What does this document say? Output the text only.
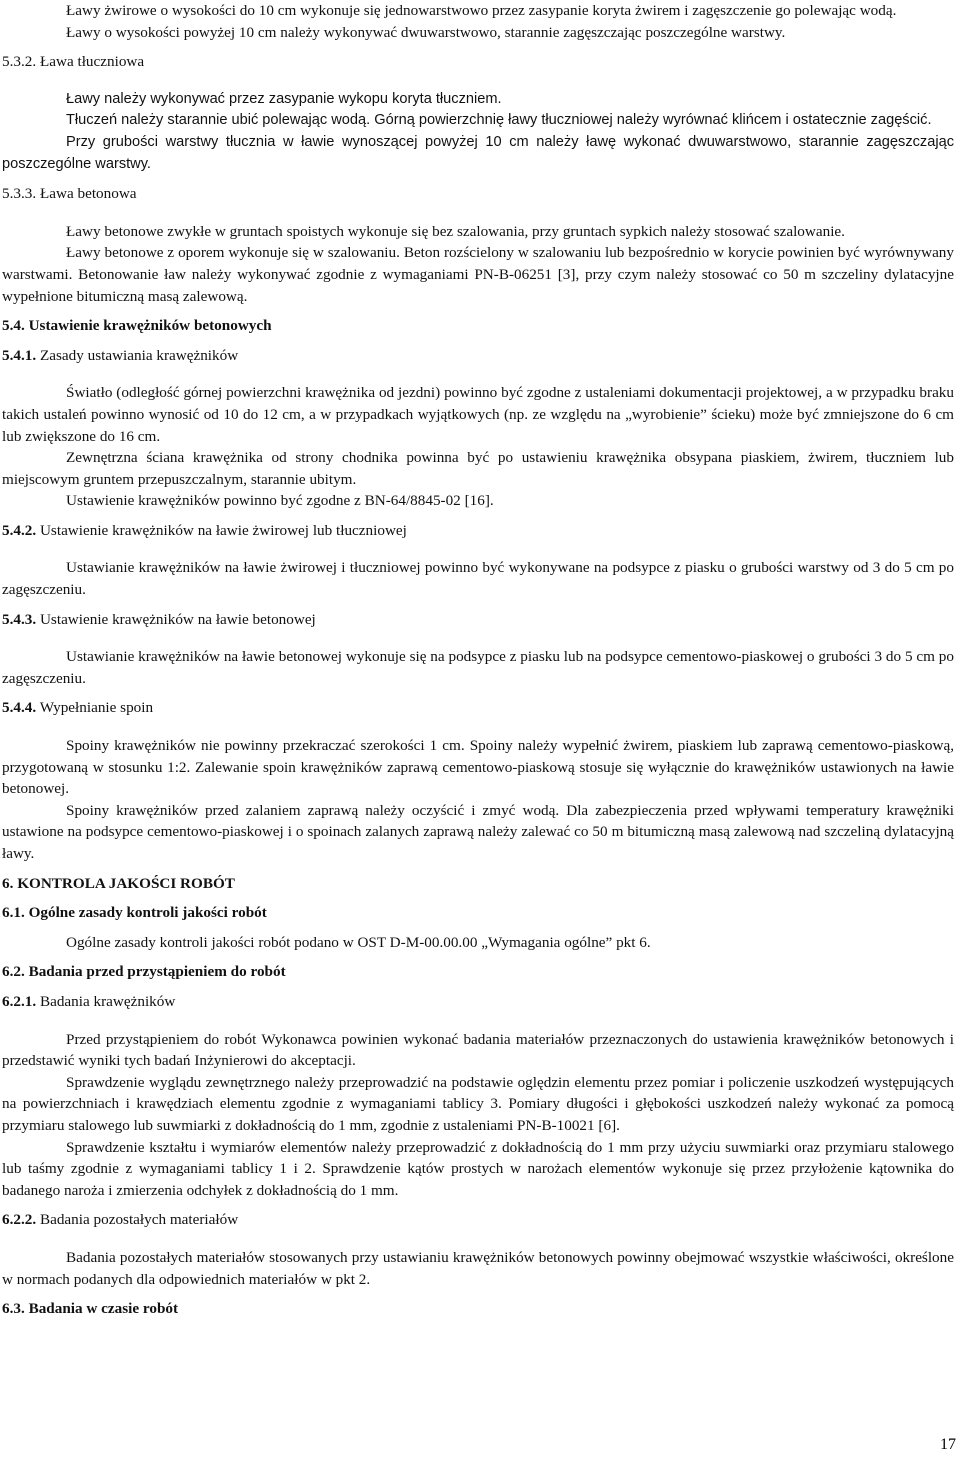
Ławy żwirowe o wysokości do 10 cm wykonuje się jednowarstwowo przez zasypanie koryta żwirem i zagęszczenie go polewając wodą.

Ławy o wysokości powyżej 10 cm należy wykonywać dwuwarstwowo, starannie zagęszczając poszczególne warstwy.

5.3.2. Ława tłuczniowa

Ławy należy wykonywać przez zasypanie wykopu koryta tłuczniem.

Tłuczeń należy starannie ubić polewając wodą. Górną powierzchnię ławy tłuczniowej należy wyrównać klińcem i ostatecznie zagęścić.

Przy grubości warstwy tłucznia w ławie wynoszącej powyżej 10 cm należy ławę wykonać dwuwarstwowo, starannie zagęszczając poszczególne warstwy.

5.3.3. Ława betonowa

Ławy betonowe zwykłe w gruntach spoistych wykonuje się bez szalowania, przy gruntach sypkich należy stosować szalowanie.

Ławy betonowe z oporem wykonuje się w szalowaniu. Beton rozścielony w szalowaniu lub bezpośrednio w korycie powinien być wyrównywany warstwami. Betonowanie ław należy wykonywać zgodnie z wymaganiami PN-B-06251 [3], przy czym należy stosować co 50 m szczeliny dylatacyjne wypełnione bitumiczną masą zalewową.

5.4. Ustawienie krawężników betonowych

5.4.1. Zasady ustawiania krawężników

Światło (odległość górnej powierzchni krawężnika od jezdni) powinno być zgodne z ustaleniami dokumentacji projektowej, a w przypadku braku takich ustaleń powinno wynosić od 10 do 12 cm, a w przypadkach wyjątkowych (np. ze względu na „wyrobienie” ścieku) może być zmniejszone do 6 cm lub zwiększone do 16 cm.

Zewnętrzna ściana krawężnika od strony chodnika powinna być po ustawieniu krawężnika obsypana piaskiem, żwirem, tłuczniem lub miejscowym gruntem przepuszczalnym, starannie ubitym.

Ustawienie krawężników powinno być zgodne z BN-64/8845-02 [16].

5.4.2. Ustawienie krawężników na ławie żwirowej lub tłuczniowej

Ustawianie krawężników na ławie żwirowej i tłuczniowej powinno być wykonywane na podsypce z piasku o grubości warstwy od 3 do 5 cm po zagęszczeniu.

5.4.3. Ustawienie krawężników na ławie betonowej

Ustawianie krawężników na ławie betonowej wykonuje się na podsypce z piasku lub na podsypce cementowo-piaskowej o grubości 3 do 5 cm po zagęszczeniu.

5.4.4. Wypełnianie spoin

Spoiny krawężników nie powinny przekraczać szerokości 1 cm. Spoiny należy wypełnić żwirem, piaskiem lub zaprawą cementowo-piaskową, przygotowaną w stosunku 1:2. Zalewanie spoin krawężników zaprawą cementowo-piaskową stosuje się wyłącznie do krawężników ustawionych na ławie betonowej.

Spoiny krawężników przed zalaniem zaprawą należy oczyścić i zmyć wodą. Dla zabezpieczenia przed wpływami temperatury krawężniki ustawione na podsypce cementowo-piaskowej i o spoinach zalanych zaprawą należy zalewać co 50 m bitumiczną masą zalewową nad szczeliną dylatacyjną ławy.

6. KONTROLA JAKOŚCI ROBÓT

6.1. Ogólne zasady kontroli jakości robót

Ogólne zasady kontroli jakości robót podano w OST D-M-00.00.00 „Wymagania ogólne” pkt 6.

6.2. Badania przed przystąpieniem do robót

6.2.1. Badania krawężników

Przed przystąpieniem do robót Wykonawca powinien wykonać badania materiałów przeznaczonych do ustawienia krawężników betonowych i przedstawić wyniki tych badań Inżynierowi do akceptacji.

Sprawdzenie wyglądu zewnętrznego należy przeprowadzić na podstawie oględzin elementu przez pomiar i policzenie uszkodzeń występujących na powierzchniach i krawędziach elementu zgodnie z wymaganiami tablicy 3. Pomiary długości i głębokości uszkodzeń należy wykonać za pomocą przymiaru stalowego lub suwmiarki z dokładnością do 1 mm, zgodnie z ustaleniami PN-B-10021 [6].

Sprawdzenie kształtu i wymiarów elementów należy przeprowadzić z dokładnością do 1 mm przy użyciu suwmiarki oraz przymiaru stalowego lub taśmy zgodnie z wymaganiami tablicy 1 i 2. Sprawdzenie kątów prostych w narożach elementów wykonuje się przez przyłożenie kątownika do badanego naroża i zmierzenia odchyłek z dokładnością do 1 mm.

6.2.2. Badania pozostałych materiałów

Badania pozostałych materiałów stosowanych przy ustawianiu krawężników betonowych powinny obejmować wszystkie właściwości, określone w normach podanych dla odpowiednich materiałów w pkt 2.

6.3. Badania w czasie robót

17
